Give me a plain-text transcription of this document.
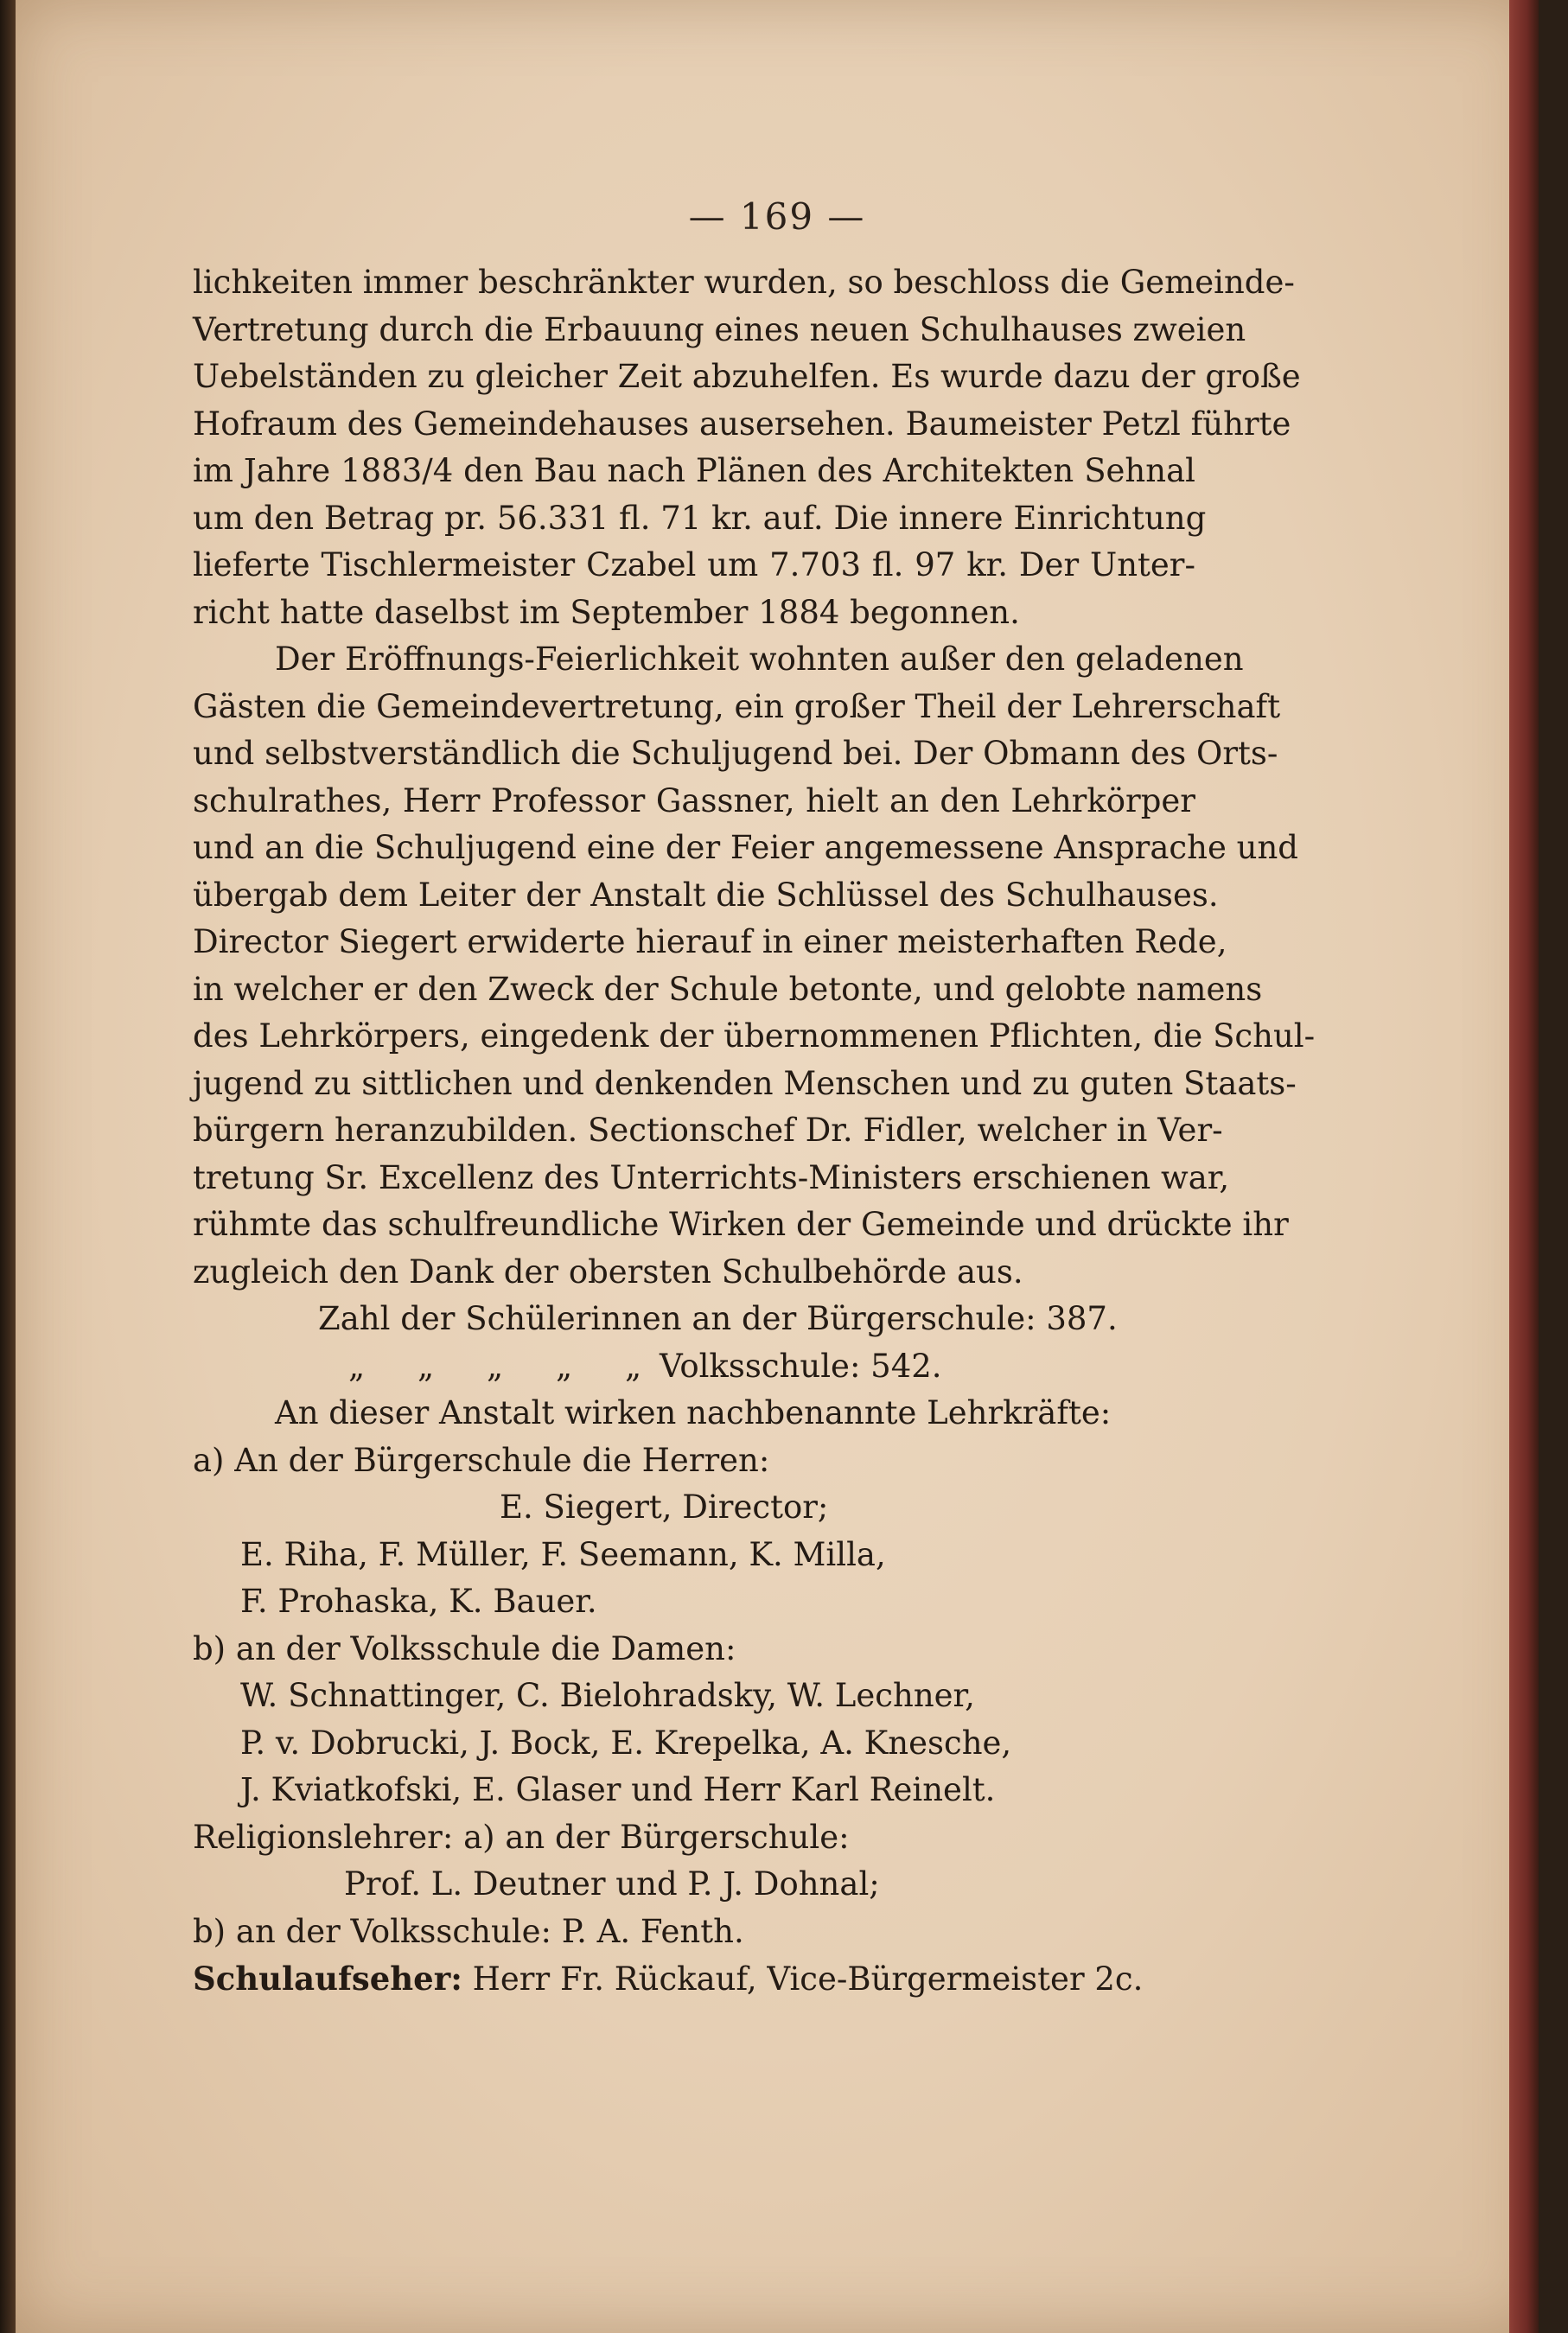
— 169 —
lichkeiten immer beschränkter wurden, so beschloss die Gemeinde-
Vertretung durch die Erbauung eines neuen Schulhauses zweien
Uebelständen zu gleicher Zeit abzuhelfen. Es wurde dazu der große
Hofraum des Gemeindehauses ausersehen. Baumeister Petzl führte
im Jahre 1883/4 den Bau nach Plänen des Architekten Sehnal
um den Betrag pr. 56.331 fl. 71 kr. auf. Die innere Einrichtung
lieferte Tischlermeister Czabel um 7.703 fl. 97 kr. Der Unter-
richt hatte daselbst im September 1884 begonnen.
Der Eröffnungs-Feierlichkeit wohnten außer den geladenen
Gästen die Gemeindevertretung, ein großer Theil der Lehrerschaft
und selbstverständlich die Schuljugend bei. Der Obmann des Orts-
schulrathes, Herr Professor Gassner, hielt an den Lehrkörper
und an die Schuljugend eine der Feier angemessene Ansprache und
übergab dem Leiter der Anstalt die Schlüssel des Schulhauses.
Director Siegert erwiderte hierauf in einer meisterhaften Rede,
in welcher er den Zweck der Schule betonte, und gelobte namens
des Lehrkörpers, eingedenk der übernommenen Pflichten, die Schul-
jugend zu sittlichen und denkenden Menschen und zu guten Staats-
bürgern heranzubilden. Sectionschef Dr. Fidler, welcher in Ver-
tretung Sr. Excellenz des Unterrichts-Ministers erschienen war,
rühmte das schulfreundliche Wirken der Gemeinde und drückte ihr
zugleich den Dank der obersten Schulbehörde aus.
Zahl der Schülerinnen an der Bürgerschule: 387.
„	„	„	„	„ Volksschule:
542.
An dieser Anstalt wirken nachbenannte Lehrkräfte:
a) An der Bürgerschule die Herren:
E. Siegert, Director;
E. Riha, F. Müller, F. Seemann, K. Milla,
F. Prohaska, K. Bauer.
b) an der Volksschule die Damen:
W. Schnattinger, C. Bielohradsky, W. Lechner,
P. v. Dobrucki, J. Bock, E. Krepelka, A. Knesche,
J. Kviatkofski, E. Glaser und Herr Karl Reinelt.
Religionslehrer: a) an der Bürgerschule:
Prof. L. Deutner und P. J. Dohnal;
b) an der Volksschule: P. A. Fenth.
Schulaufseher: Herr Fr. Rückauf, Vice-Bürgermeister 2c.
